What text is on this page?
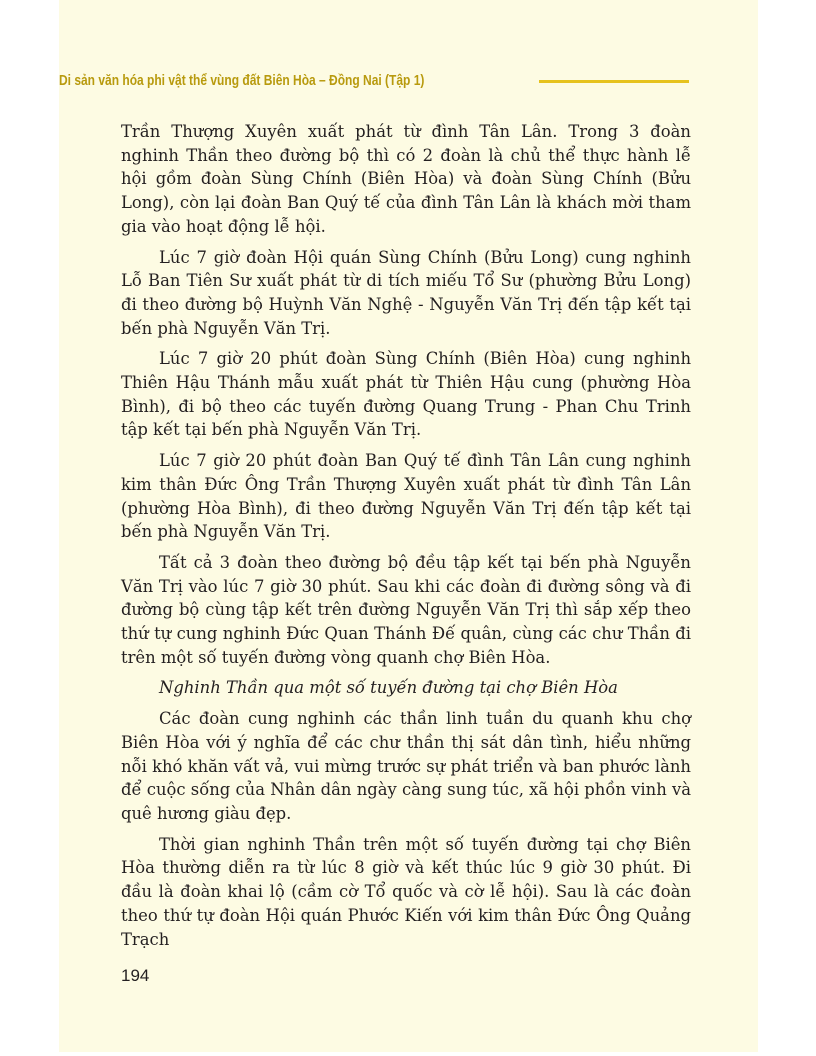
Di sản văn hóa phi vật thể vùng đất Biên Hòa – Đồng Nai (Tập 1)

Trần Thượng Xuyên xuất phát từ đình Tân Lân. Trong 3 đoàn nghinh Thần theo đường bộ thì có 2 đoàn là chủ thể thực hành lễ hội gồm đoàn Sùng Chính (Biên Hòa) và đoàn Sùng Chính (Bửu Long), còn lại đoàn Ban Quý tế của đình Tân Lân là khách mời tham gia vào hoạt động lễ hội.

Lúc 7 giờ đoàn Hội quán Sùng Chính (Bửu Long) cung nghinh Lỗ Ban Tiên Sư xuất phát từ di tích miếu Tổ Sư (phường Bửu Long) đi theo đường bộ Huỳnh Văn Nghệ - Nguyễn Văn Trị đến tập kết tại bến phà Nguyễn Văn Trị.

Lúc 7 giờ 20 phút đoàn Sùng Chính (Biên Hòa) cung nghinh Thiên Hậu Thánh mẫu xuất phát từ Thiên Hậu cung (phường Hòa Bình), đi bộ theo các tuyến đường Quang Trung - Phan Chu Trinh tập kết tại bến phà Nguyễn Văn Trị.

Lúc 7 giờ 20 phút đoàn Ban Quý tế đình Tân Lân cung nghinh kim thân Đức Ông Trần Thượng Xuyên xuất phát từ đình Tân Lân (phường Hòa Bình), đi theo đường Nguyễn Văn Trị đến tập kết tại bến phà Nguyễn Văn Trị.

Tất cả 3 đoàn theo đường bộ đều tập kết tại bến phà Nguyễn Văn Trị vào lúc 7 giờ 30 phút. Sau khi các đoàn đi đường sông và đi đường bộ cùng tập kết trên đường Nguyễn Văn Trị thì sắp xếp theo thứ tự cung nghinh Đức Quan Thánh Đế quân, cùng các chư Thần đi trên một số tuyến đường vòng quanh chợ Biên Hòa.

Nghinh Thần qua một số tuyến đường tại chợ Biên Hòa

Các đoàn cung nghinh các thần linh tuần du quanh khu chợ Biên Hòa với ý nghĩa để các chư thần thị sát dân tình, hiểu những nỗi khó khăn vất vả, vui mừng trước sự phát triển và ban phước lành để cuộc sống của Nhân dân ngày càng sung túc, xã hội phồn vinh và quê hương giàu đẹp.

Thời gian nghinh Thần trên một số tuyến đường tại chợ Biên Hòa thường diễn ra từ lúc 8 giờ và kết thúc lúc 9 giờ 30 phút. Đi đầu là đoàn khai lộ (cầm cờ Tổ quốc và cờ lễ hội). Sau là các đoàn theo thứ tự đoàn Hội quán Phước Kiến với kim thân Đức Ông Quảng Trạch

194
